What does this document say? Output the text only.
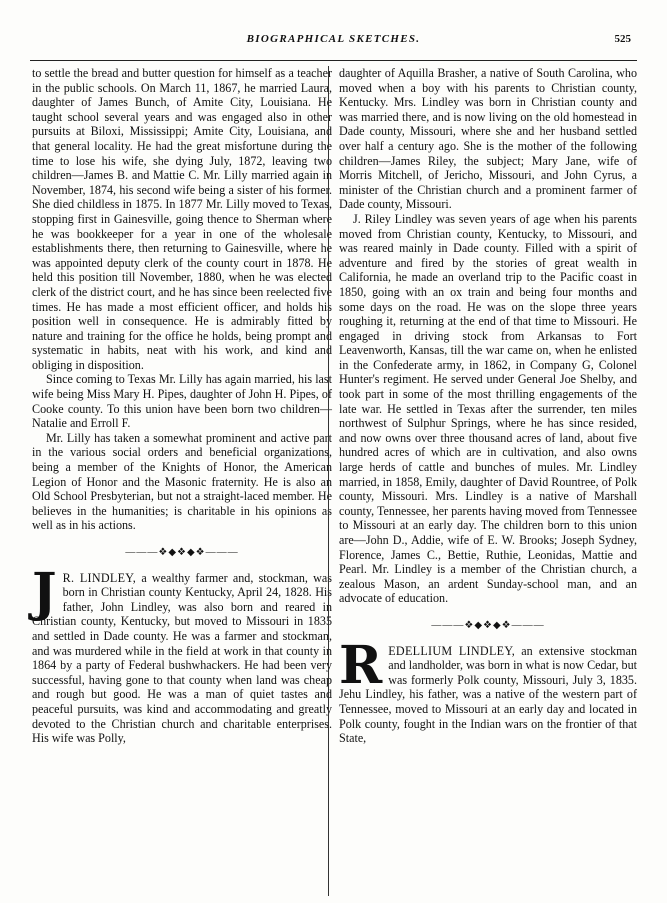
BIOGRAPHICAL SKETCHES.	525

to settle the bread and butter question for himself as a teacher in the public schools. On March 11, 1867, he married Laura, daughter of James Bunch, of Amite City, Louisiana. He taught school several years and was engaged also in other pursuits at Biloxi, Mississippi; Amite City, Louisiana, and that general locality. He had the great misfortune during the time to lose his wife, she dying July, 1872, leaving two children—James B. and Mattie C. Mr. Lilly married again in November, 1874, his second wife being a sister of his former. She died childless in 1875. In 1877 Mr. Lilly moved to Texas, stopping first in Gainesville, going thence to Sherman where he was bookkeeper for a year in one of the wholesale establishments there, then returning to Gainesville, where he was appointed deputy clerk of the county court in 1878. He held this position till November, 1880, when he was elected clerk of the district court, and he has since been reelected five times. He has made a most efficient officer, and holds his position well in consequence. He is admirably fitted by nature and training for the office he holds, being prompt and systematic in habits, neat with his work, and kind and obliging in disposition.

Since coming to Texas Mr. Lilly has again married, his last wife being Miss Mary H. Pipes, daughter of John H. Pipes, of Cooke county. To this union have been born two children—Natalie and Erroll F.

Mr. Lilly has taken a somewhat prominent and active part in the various social orders and beneficial organizations, being a member of the Knights of Honor, the American Legion of Honor and the Masonic fraternity. He is also an Old School Presbyterian, but not a straight-laced member. He believes in the humanities; is charitable in his opinions as well as in his actions.

———❖◆❖◆❖———

J R. LINDLEY, a wealthy farmer and, stockman, was born in Christian county Kentucky, April 24, 1828. His father, John Lindley, was also born and reared in Christian county, Kentucky, but moved to Missouri in 1835 and settled in Dade county. He was a farmer and stockman, and was murdered while in the field at work in that county in 1864 by a party of Federal bushwhackers. He had been very successful, having gone to that county when land was cheap and rough but good. He was a man of quiet tastes and peaceful pursuits, was kind and accommodating and greatly devoted to the Christian church and charitable enterprises. His wife was Polly,

daughter of Aquilla Brasher, a native of South Carolina, who moved when a boy with his parents to Christian county, Kentucky. Mrs. Lindley was born in Christian county and was married there, and is now living on the old homestead in Dade county, Missouri, where she and her husband settled over half a century ago. She is the mother of the following children—James Riley, the subject; Mary Jane, wife of Morris Mitchell, of Jericho, Missouri, and John Cyrus, a minister of the Christian church and a prominent farmer of Dade county, Missouri.

J. Riley Lindley was seven years of age when his parents moved from Christian county, Kentucky, to Missouri, and was reared mainly in Dade county. Filled with a spirit of adventure and fired by the stories of great wealth in California, he made an overland trip to the Pacific coast in 1850, going with an ox train and being four months and some days on the road. He was on the slope three years roughing it, returning at the end of that time to Missouri. He engaged in driving stock from Arkansas to Fort Leavenworth, Kansas, till the war came on, when he enlisted in the Confederate army, in 1862, in Company G, Colonel Hunter's regiment. He served under General Joe Shelby, and took part in some of the most thrilling engagements of the late war. He settled in Texas after the surrender, ten miles northwest of Sulphur Springs, where he has since resided, and now owns over three thousand acres of land, about five hundred acres of which are in cultivation, and also owns large herds of cattle and bunches of mules. Mr. Lindley married, in 1858, Emily, daughter of David Rountree, of Polk county, Missouri. Mrs. Lindley is a native of Marshall county, Tennessee, her parents having moved from Tennessee to Missouri at an early day. The children born to this union are—John D., Addie, wife of E. W. Brooks; Joseph Sydney, Florence, James C., Bettie, Ruthie, Leonidas, Mattie and Pearl. Mr. Lindley is a member of the Christian church, a zealous Mason, an ardent Sunday-school man, and an advocate of education.

———❖◆❖◆❖———

REDELLIUM LINDLEY, an extensive stockman and landholder, was born in what is now Cedar, but was formerly Polk county, Missouri, July 3, 1835. Jehu Lindley, his father, was a native of the western part of Tennessee, moved to Missouri at an early day and located in Polk county, fought in the Indian wars on the frontier of that State,
